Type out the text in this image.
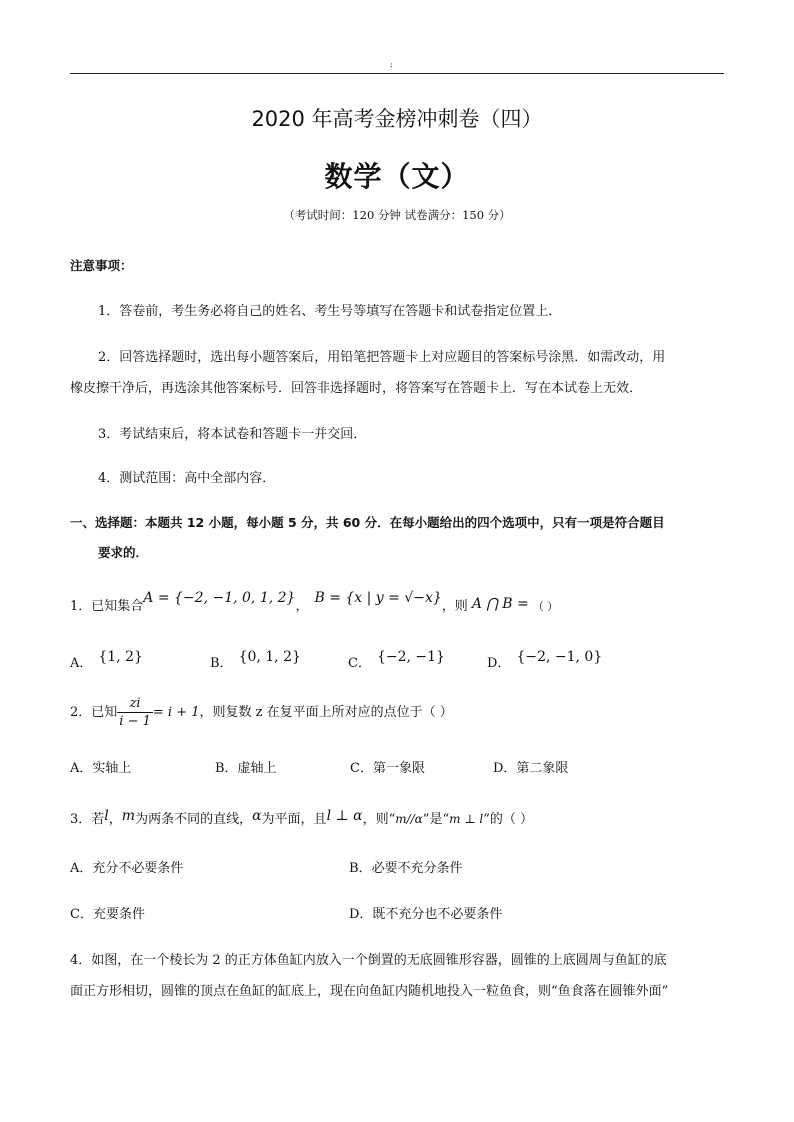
:
2020 年高考金榜冲刺卷（四）
数学（文）
（考试时间：120 分钟 试卷满分：150 分）
注意事项：
1．答卷前，考生务必将自己的姓名、考生号等填写在答题卡和试卷指定位置上．
2．回答选择题时，选出每小题答案后，用铅笔把答题卡上对应题目的答案标号涂黑．如需改动，用
橡皮擦干净后，再选涂其他答案标号．回答非选择题时，将答案写在答题卡上．写在本试卷上无效．
3．考试结束后，将本试卷和答题卡一并交回．
4．测试范围：高中全部内容．
一、选择题：本题共 12 小题，每小题 5 分，共 60 分．在每小题给出的四个选项中，只有一项是符合题目
要求的．
1．已知集合A = {−2, −1, 0, 1, 2}，B = {x | y = √−x}，则 A ⋂ B = （ ）
A． {1, 2}	B． {0, 1, 2}	C． {−2, −1}	D． {−2, −1, 0}
2．已知 $\frac{zi}{i - 1} = i + 1$，则复数 z 在复平面上所对应的点位于（ ）
A．实轴上	B．虚轴上	C．第一象限	D．第二象限
3．若l，m为两条不同的直线，α为平面，且l ⊥ α，则“m//α”是“m ⊥ l”的（ ）
A．充分不必要条件	B．必要不充分条件
C．充要条件	D．既不充分也不必要条件
4．如图，在一个棱长为 2 的正方体鱼缸内放入一个倒置的无底圆锥形容器，圆锥的上底圆周与鱼缸的底
面正方形相切，圆锥的顶点在鱼缸的缸底上，现在向鱼缸内随机地投入一粒鱼食，则“鱼食落在圆锥外面”
